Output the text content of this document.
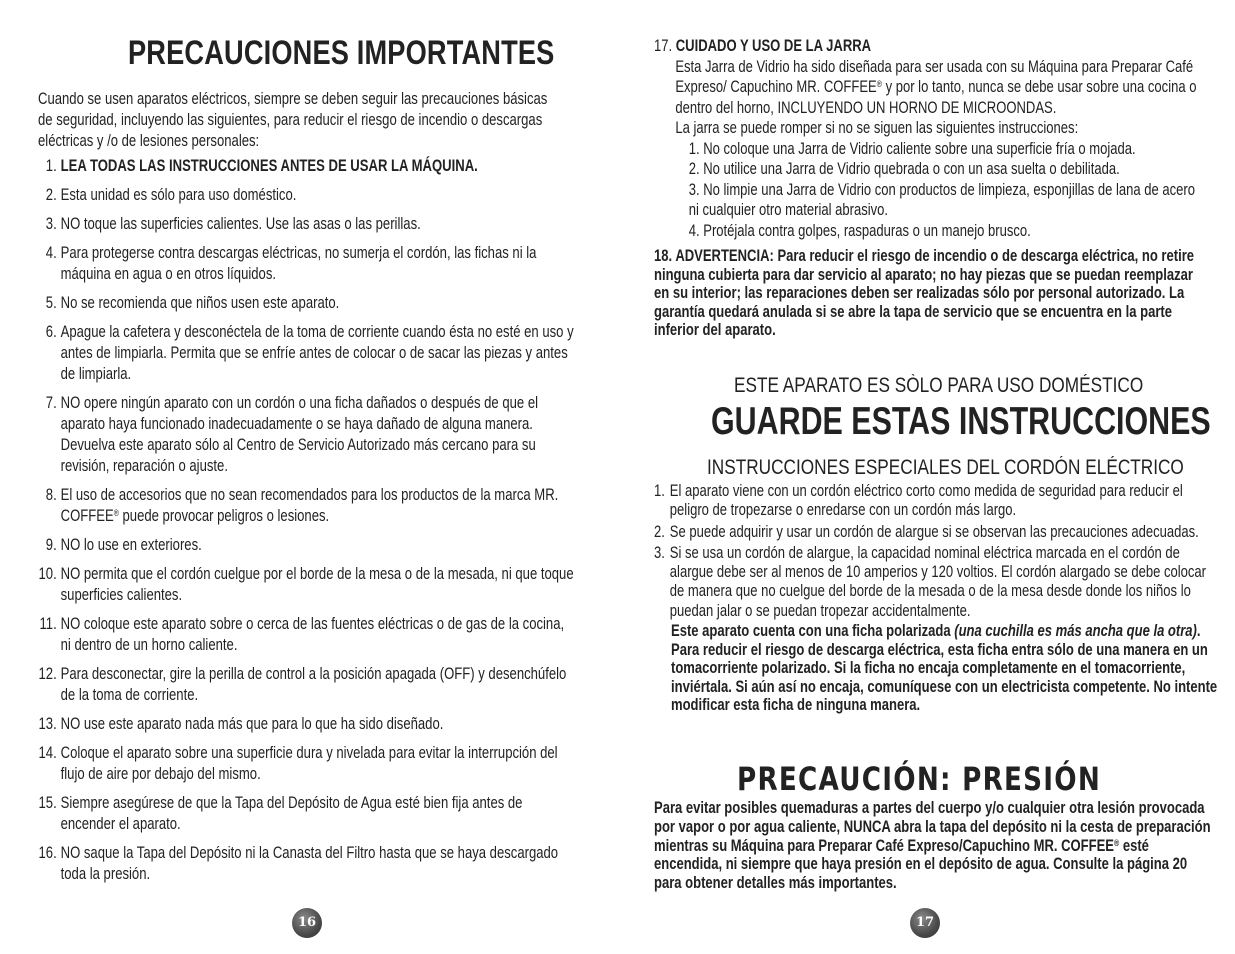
PRECAUCIONES IMPORTANTES
Cuando se usen aparatos eléctricos, siempre se deben seguir las precauciones básicas de seguridad, incluyendo las siguientes, para reducir el riesgo de incendio o descargas eléctricas y /o de lesiones personales:
1. LEA TODAS LAS INSTRUCCIONES ANTES DE USAR LA MÁQUINA.
2. Esta unidad es sólo para uso doméstico.
3. NO toque las superficies calientes. Use las asas o las perillas.
4. Para protegerse contra descargas eléctricas, no sumerja el cordón, las fichas ni la máquina en agua o en otros líquidos.
5. No se recomienda que niños usen este aparato.
6. Apague la cafetera y desconéctela de la toma de corriente cuando ésta no esté en uso y antes de limpiarla. Permita que se enfríe antes de colocar o de sacar las piezas y antes de limpiarla.
7. NO opere ningún aparato con un cordón o una ficha dañados o después de que el aparato haya funcionado inadecuadamente o se haya dañado de alguna manera. Devuelva este aparato sólo al Centro de Servicio Autorizado más cercano para su revisión, reparación o ajuste.
8. El uso de accesorios que no sean recomendados para los productos de la marca MR. COFFEE® puede provocar peligros o lesiones.
9. NO lo use en exteriores.
10. NO permita que el cordón cuelgue por el borde de la mesa o de la mesada, ni que toque superficies calientes.
11. NO coloque este aparato sobre o cerca de las fuentes eléctricas o de gas de la cocina, ni dentro de un horno caliente.
12. Para desconectar, gire la perilla de control a la posición apagada (OFF) y desenchúfelo de la toma de corriente.
13. NO use este aparato nada más que para lo que ha sido diseñado.
14. Coloque el aparato sobre una superficie dura y nivelada para evitar la interrupción del flujo de aire por debajo del mismo.
15. Siempre asegúrese de que la Tapa del Depósito de Agua esté bien fija antes de encender el aparato.
16. NO saque la Tapa del Depósito ni la Canasta del Filtro hasta que se haya descargado toda la presión.
16
17. CUIDADO Y USO DE LA JARRA
Esta Jarra de Vidrio ha sido diseñada para ser usada con su Máquina para Preparar Café Expreso/ Capuchino MR. COFFEE® y por lo tanto, nunca se debe usar sobre una cocina o dentro del horno, INCLUYENDO UN HORNO DE MICROONDAS.
La jarra se puede romper si no se siguen las siguientes instrucciones:
1. No coloque una Jarra de Vidrio caliente sobre una superficie fría o mojada.
2. No utilice una Jarra de Vidrio quebrada o con un asa suelta o debilitada.
3. No limpie una Jarra de Vidrio con productos de limpieza, esponjillas de lana de acero ni cualquier otro material abrasivo.
4. Protéjala contra golpes, raspaduras o un manejo brusco.
18. ADVERTENCIA: Para reducir el riesgo de incendio o de descarga eléctrica, no retire ninguna cubierta para dar servicio al aparato; no hay piezas que se puedan reemplazar en su interior; las reparaciones deben ser realizadas sólo por personal autorizado. La garantía quedará anulada si se abre la tapa de servicio que se encuentra en la parte inferior del aparato.
ESTE APARATO ES SÒLO PARA USO DOMÉSTICO
GUARDE ESTAS INSTRUCCIONES
INSTRUCCIONES ESPECIALES DEL CORDÓN ELÉCTRICO
1. El aparato viene con un cordón eléctrico corto como medida de seguridad para reducir el peligro de tropezarse o enredarse con un cordón más largo.
2. Se puede adquirir y usar un cordón de alargue si se observan las precauciones adecuadas.
3. Si se usa un cordón de alargue, la capacidad nominal eléctrica marcada en el cordón de alargue debe ser al menos de 10 amperios y 120 voltios. El cordón alargado se debe colocar de manera que no cuelgue del borde de la mesada o de la mesa desde donde los niños lo puedan jalar o se puedan tropezar accidentalmente.
Este aparato cuenta con una ficha polarizada (una cuchilla es más ancha que la otra). Para reducir el riesgo de descarga eléctrica, esta ficha entra sólo de una manera en un tomacorriente polarizado. Si la ficha no encaja completamente en el tomacorriente, inviértala. Si aún así no encaja, comuníquese con un electricista competente. No intente modificar esta ficha de ninguna manera.
PRECAUCIÓN: PRESIÓN
Para evitar posibles quemaduras a partes del cuerpo y/o cualquier otra lesión provocada por vapor o por agua caliente, NUNCA abra la tapa del depósito ni la cesta de preparación mientras su Máquina para Preparar Café Expreso/Capuchino MR. COFFEE® esté encendida, ni siempre que haya presión en el depósito de agua. Consulte la página 20 para obtener detalles más importantes.
17
